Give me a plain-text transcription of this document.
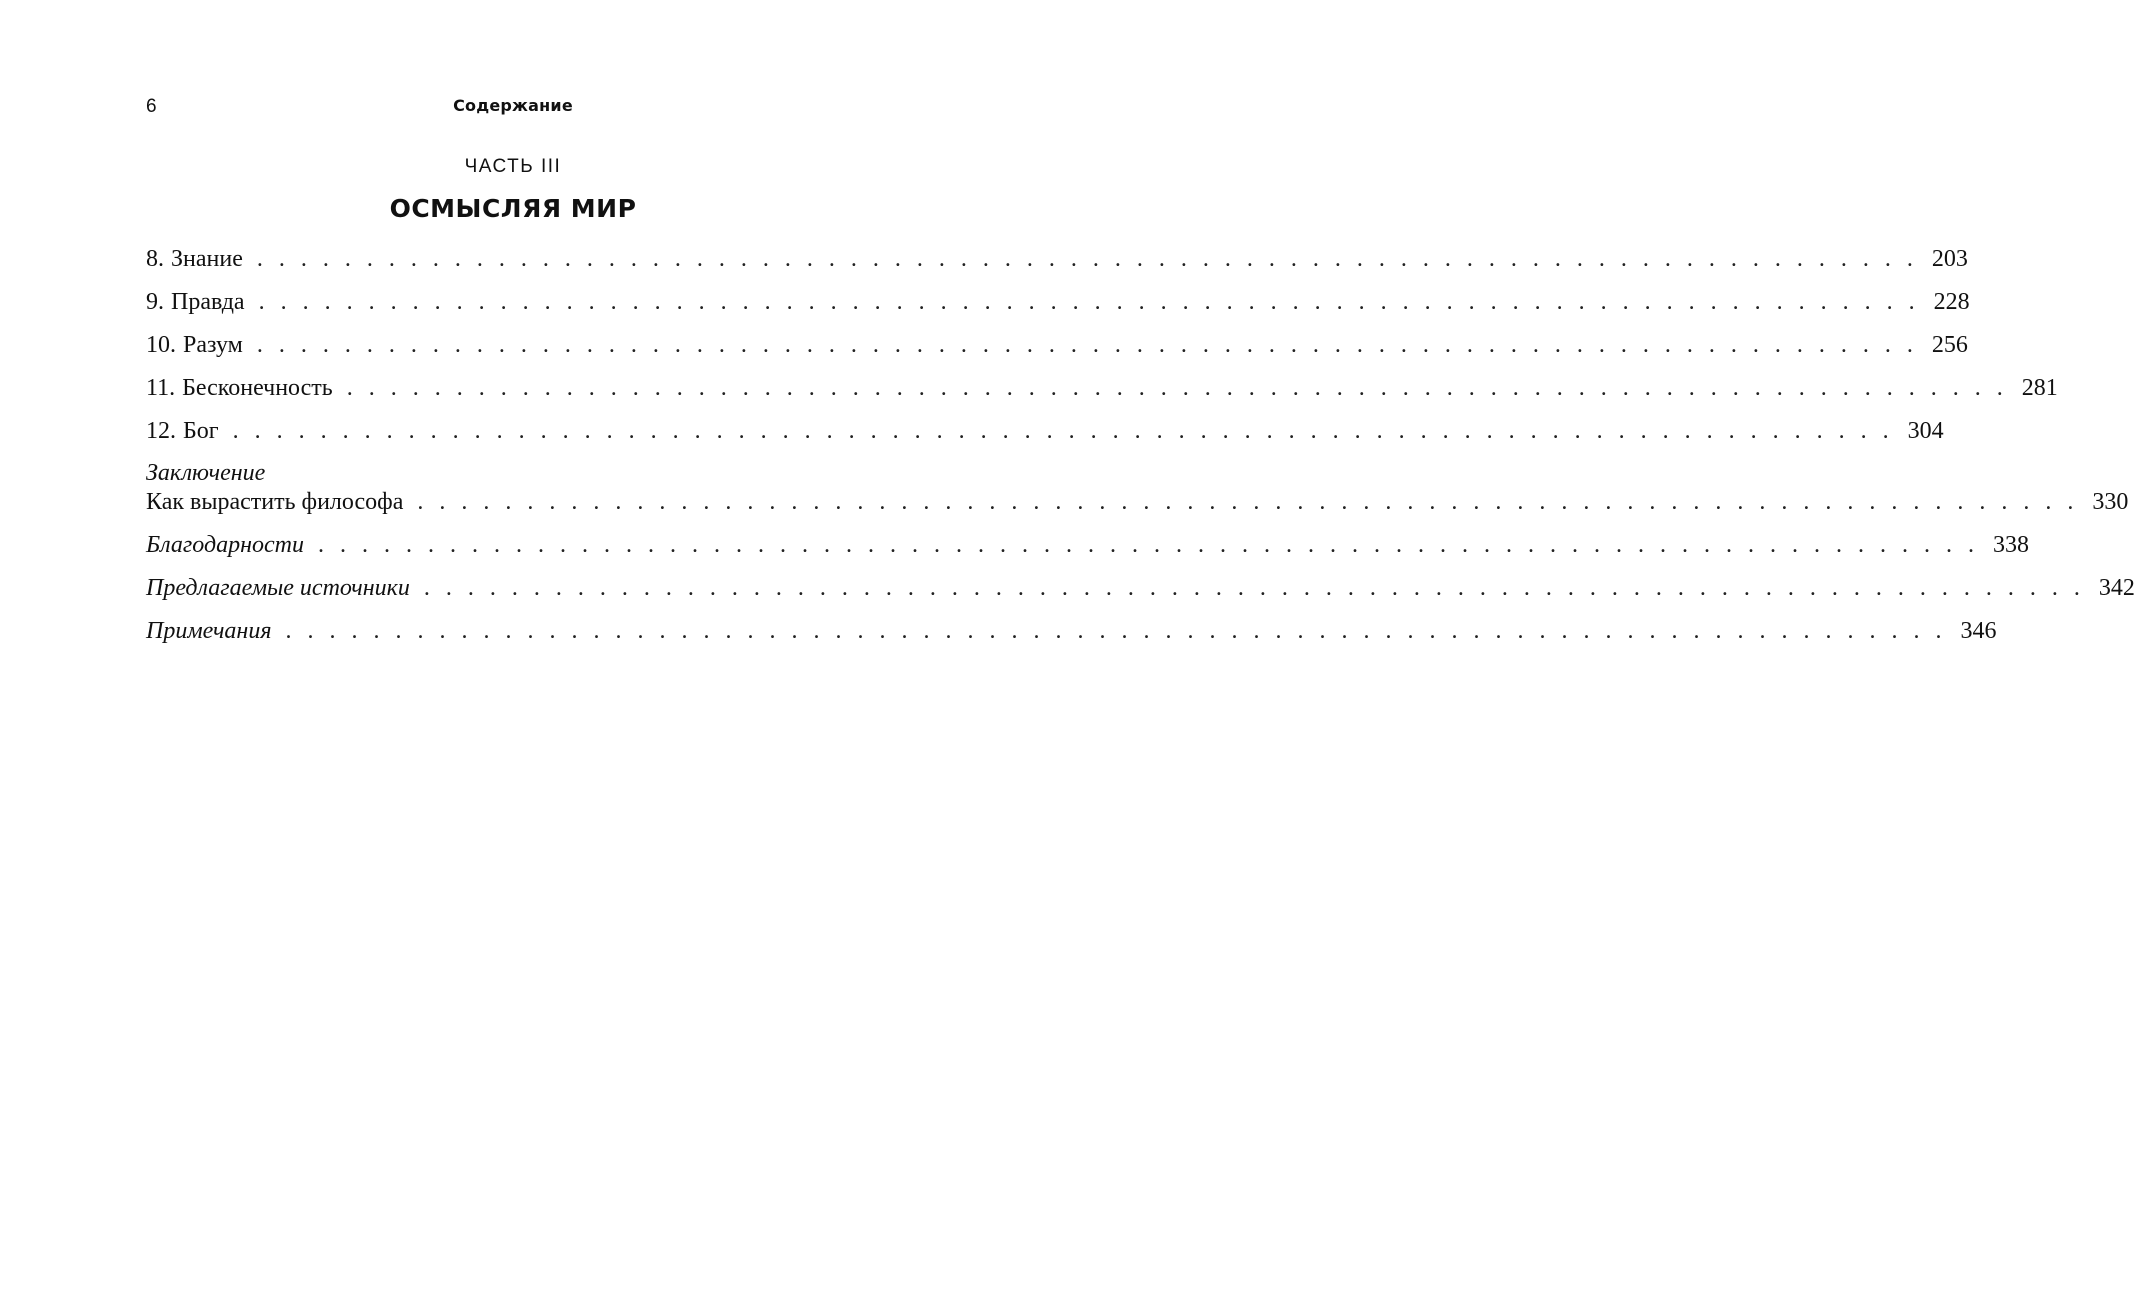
6	Содержание
ЧАСТЬ III
ОСМЫСЛЯЯ МИР
8. Знание . . . . . . . . . . . . . . . . . . . . . . . . . . . . . . . . . . . . . . . . . . . . . . . . . . . . . . . . . . . . . . . . . . . . . . . . . . . . 203
9. Правда . . . . . . . . . . . . . . . . . . . . . . . . . . . . . . . . . . . . . . . . . . . . . . . . . . . . . . . . . . . . . . . . . . . . . . . . . . . . 228
10. Разум . . . . . . . . . . . . . . . . . . . . . . . . . . . . . . . . . . . . . . . . . . . . . . . . . . . . . . . . . . . . . . . . . . . . . . . . . . . . 256
11. Бесконечность . . . . . . . . . . . . . . . . . . . . . . . . . . . . . . . . . . . . . . . . . . . . . . . . . . . . . . . . . . . . . . . . . . . . . . . . . . . . 281
12. Бог . . . . . . . . . . . . . . . . . . . . . . . . . . . . . . . . . . . . . . . . . . . . . . . . . . . . . . . . . . . . . . . . . . . . . . . . . . . . 304
Заключение
Как вырастить философа . . . . . . . . . . . . . . . . . . . . . . . . . . . . . . . . . . . . . . . . . . . . . . . . . . . . . . . . . . . . . . . . . . . . . . . . . . . . 330
Благодарности . . . . . . . . . . . . . . . . . . . . . . . . . . . . . . . . . . . . . . . . . . . . . . . . . . . . . . . . . . . . . . . . . . . . . . . . . . . . 338
Предлагаемые источники . . . . . . . . . . . . . . . . . . . . . . . . . . . . . . . . . . . . . . . . . . . . . . . . . . . . . . . . . . . . . . . . . . . . . . . . . . . . 342
Примечания . . . . . . . . . . . . . . . . . . . . . . . . . . . . . . . . . . . . . . . . . . . . . . . . . . . . . . . . . . . . . . . . . . . . . . . . . . . . 346
